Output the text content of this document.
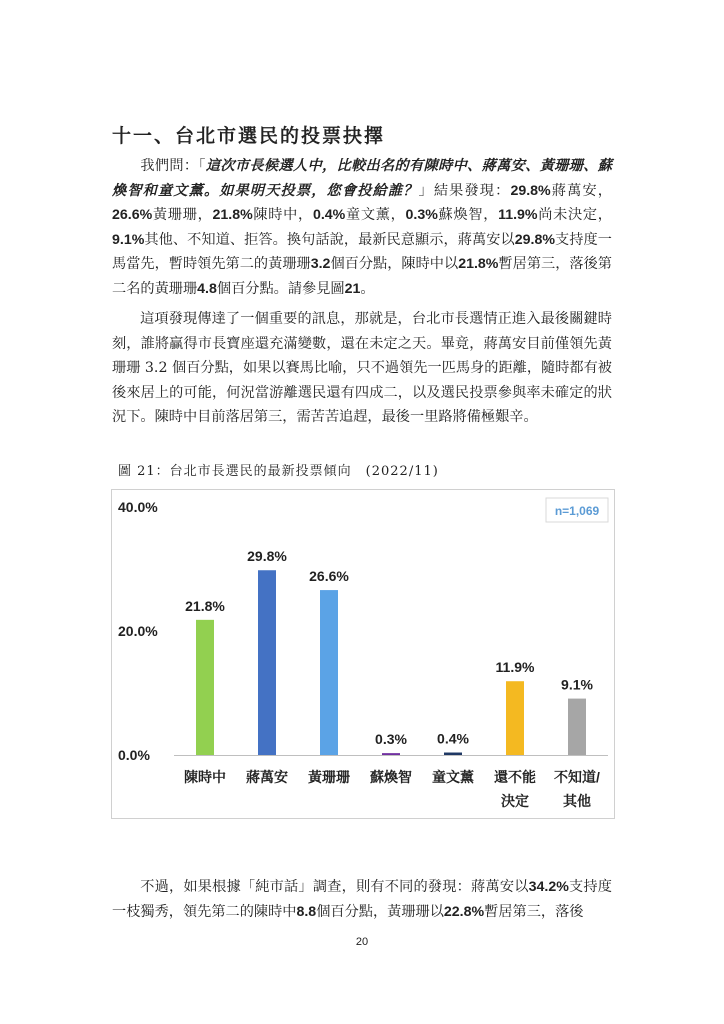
十一、台北市選民的投票抉擇

我們問：「這次市長候選人中，比較出名的有陳時中、蔣萬安、黃珊珊、蘇煥智和童文薰。如果明天投票，您會投給誰？」結果發現：29.8%蔣萬安，26.6%黃珊珊，21.8%陳時中，0.4%童文薰，0.3%蘇煥智，11.9%尚未決定，9.1%其他、不知道、拒答。換句話說，最新民意顯示，蔣萬安以29.8%支持度一馬當先，暫時領先第二的黃珊珊3.2個百分點，陳時中以21.8%暫居第三，落後第二名的黃珊珊4.8個百分點。請參見圖21。

這項發現傳達了一個重要的訊息，那就是，台北市長選情正進入最後關鍵時刻，誰將贏得市長寶座還充滿變數，還在未定之天。畢竟，蔣萬安目前僅領先黃珊珊 3.2 個百分點，如果以賽馬比喻，只不過領先一匹馬身的距離，隨時都有被後來居上的可能，何況當游離選民還有四成二，以及選民投票參與率未確定的狀況下。陳時中目前落居第三，需苦苦追趕，最後一里路將備極艱辛。

圖 21：台北市長選民的最新投票傾向　(2022/11)

0.0%
20.0%
40.0%	n=1,069
21.8%
陳時中
29.8%
蔣萬安
26.6%
黃珊珊
0.3%
蘇煥智
0.4%
童文薰
11.9%
還不能
決定
9.1%
不知道/
其他

不過，如果根據「純市話」調查，則有不同的發現：蔣萬安以34.2%支持度一枝獨秀，領先第二的陳時中8.8個百分點，黃珊珊以22.8%暫居第三，落後

20
